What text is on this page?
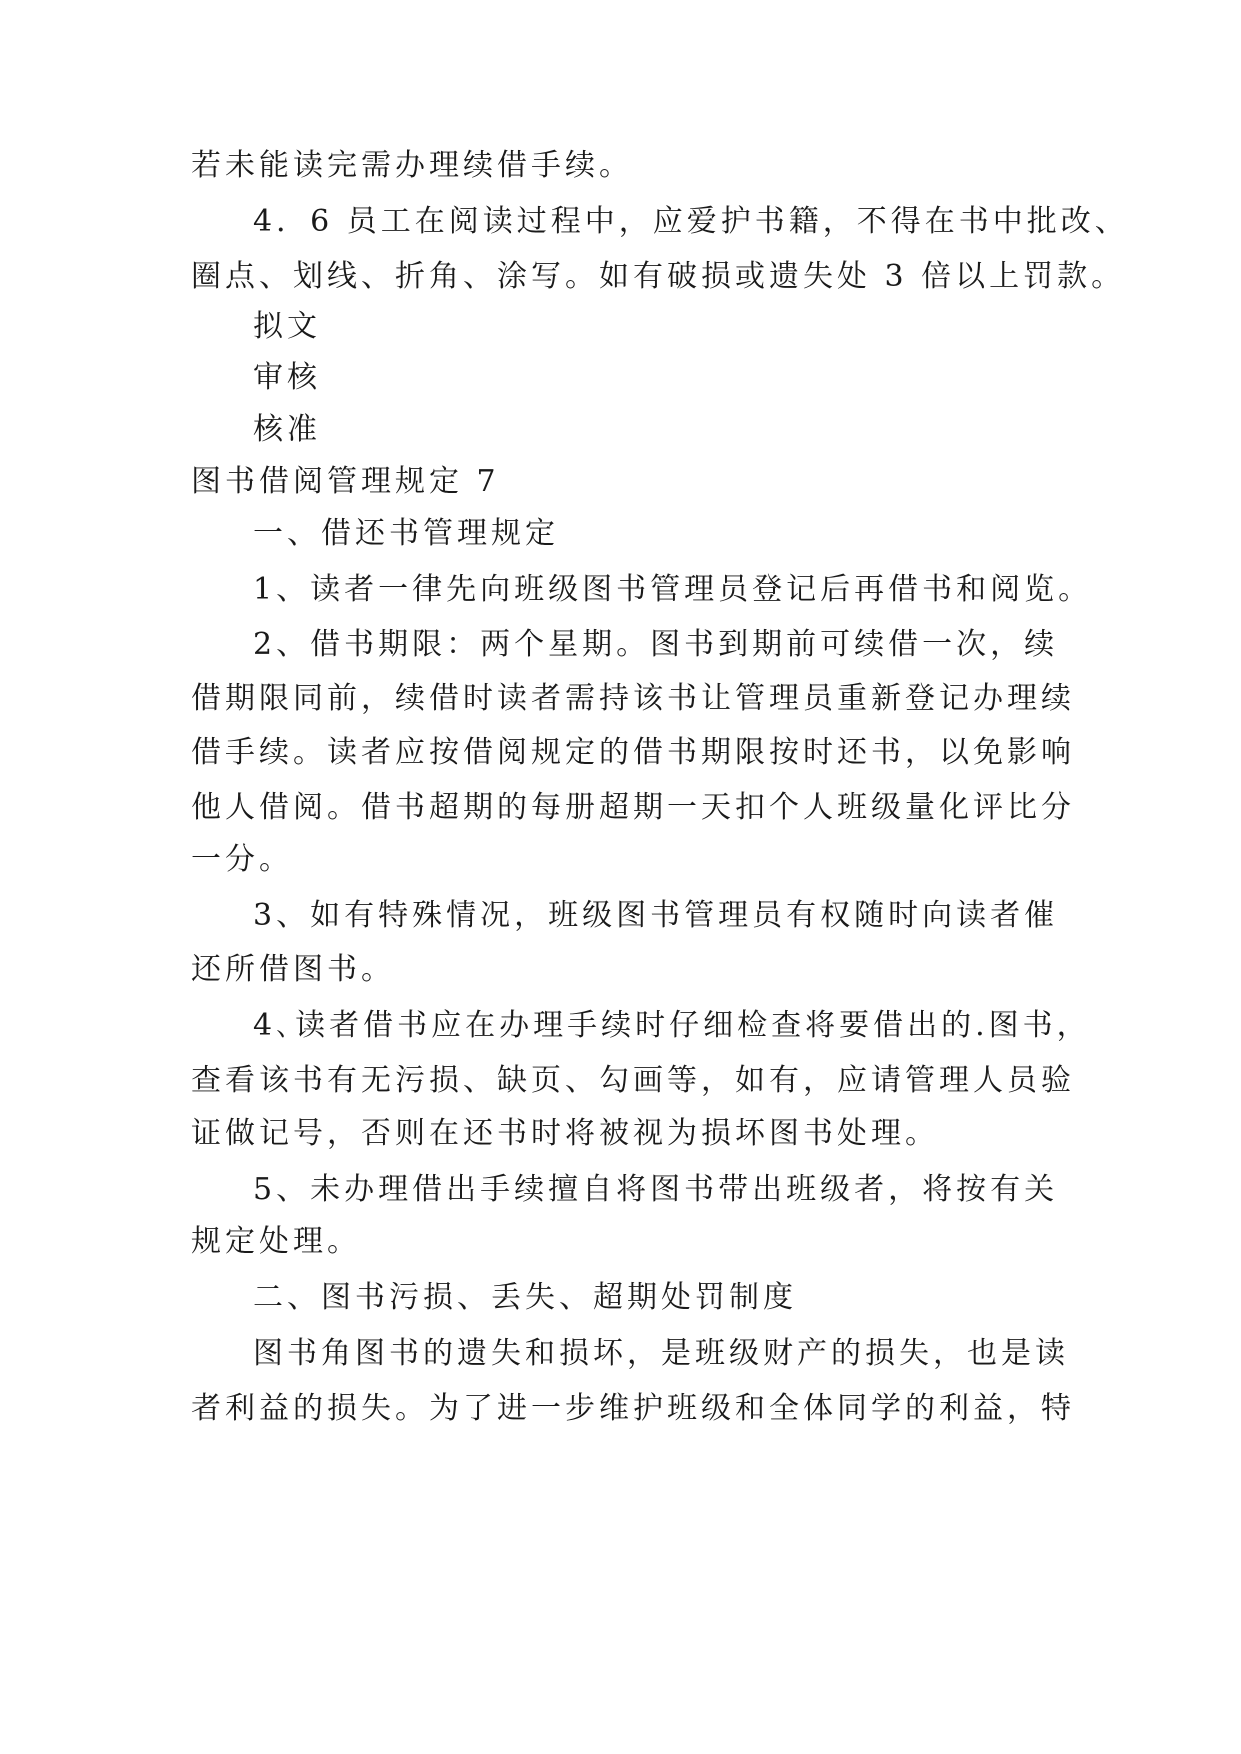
若未能读完需办理续借手续。
4．6 员工在阅读过程中，应爱护书籍，不得在书中批改、
圈点、划线、折角、涂写。如有破损或遗失处 3 倍以上罚款。
拟文
审核
核准
图书借阅管理规定 7
一、借还书管理规定
1、读者一律先向班级图书管理员登记后再借书和阅览。
2、借书期限：两个星期。图书到期前可续借一次，续
借期限同前，续借时读者需持该书让管理员重新登记办理续
借手续。读者应按借阅规定的借书期限按时还书，以免影响
他人借阅。借书超期的每册超期一天扣个人班级量化评比分
一分。
3、如有特殊情况，班级图书管理员有权随时向读者催
还所借图书。
4､读者借书应在办理手续时仔细检查将要借出的.图书，
查看该书有无污损、缺页、勾画等，如有，应请管理人员验
证做记号，否则在还书时将被视为损坏图书处理。
5、未办理借出手续擅自将图书带出班级者，将按有关
规定处理。
二、图书污损、丢失、超期处罚制度
图书角图书的遗失和损坏，是班级财产的损失，也是读
者利益的损失。为了进一步维护班级和全体同学的利益，特
